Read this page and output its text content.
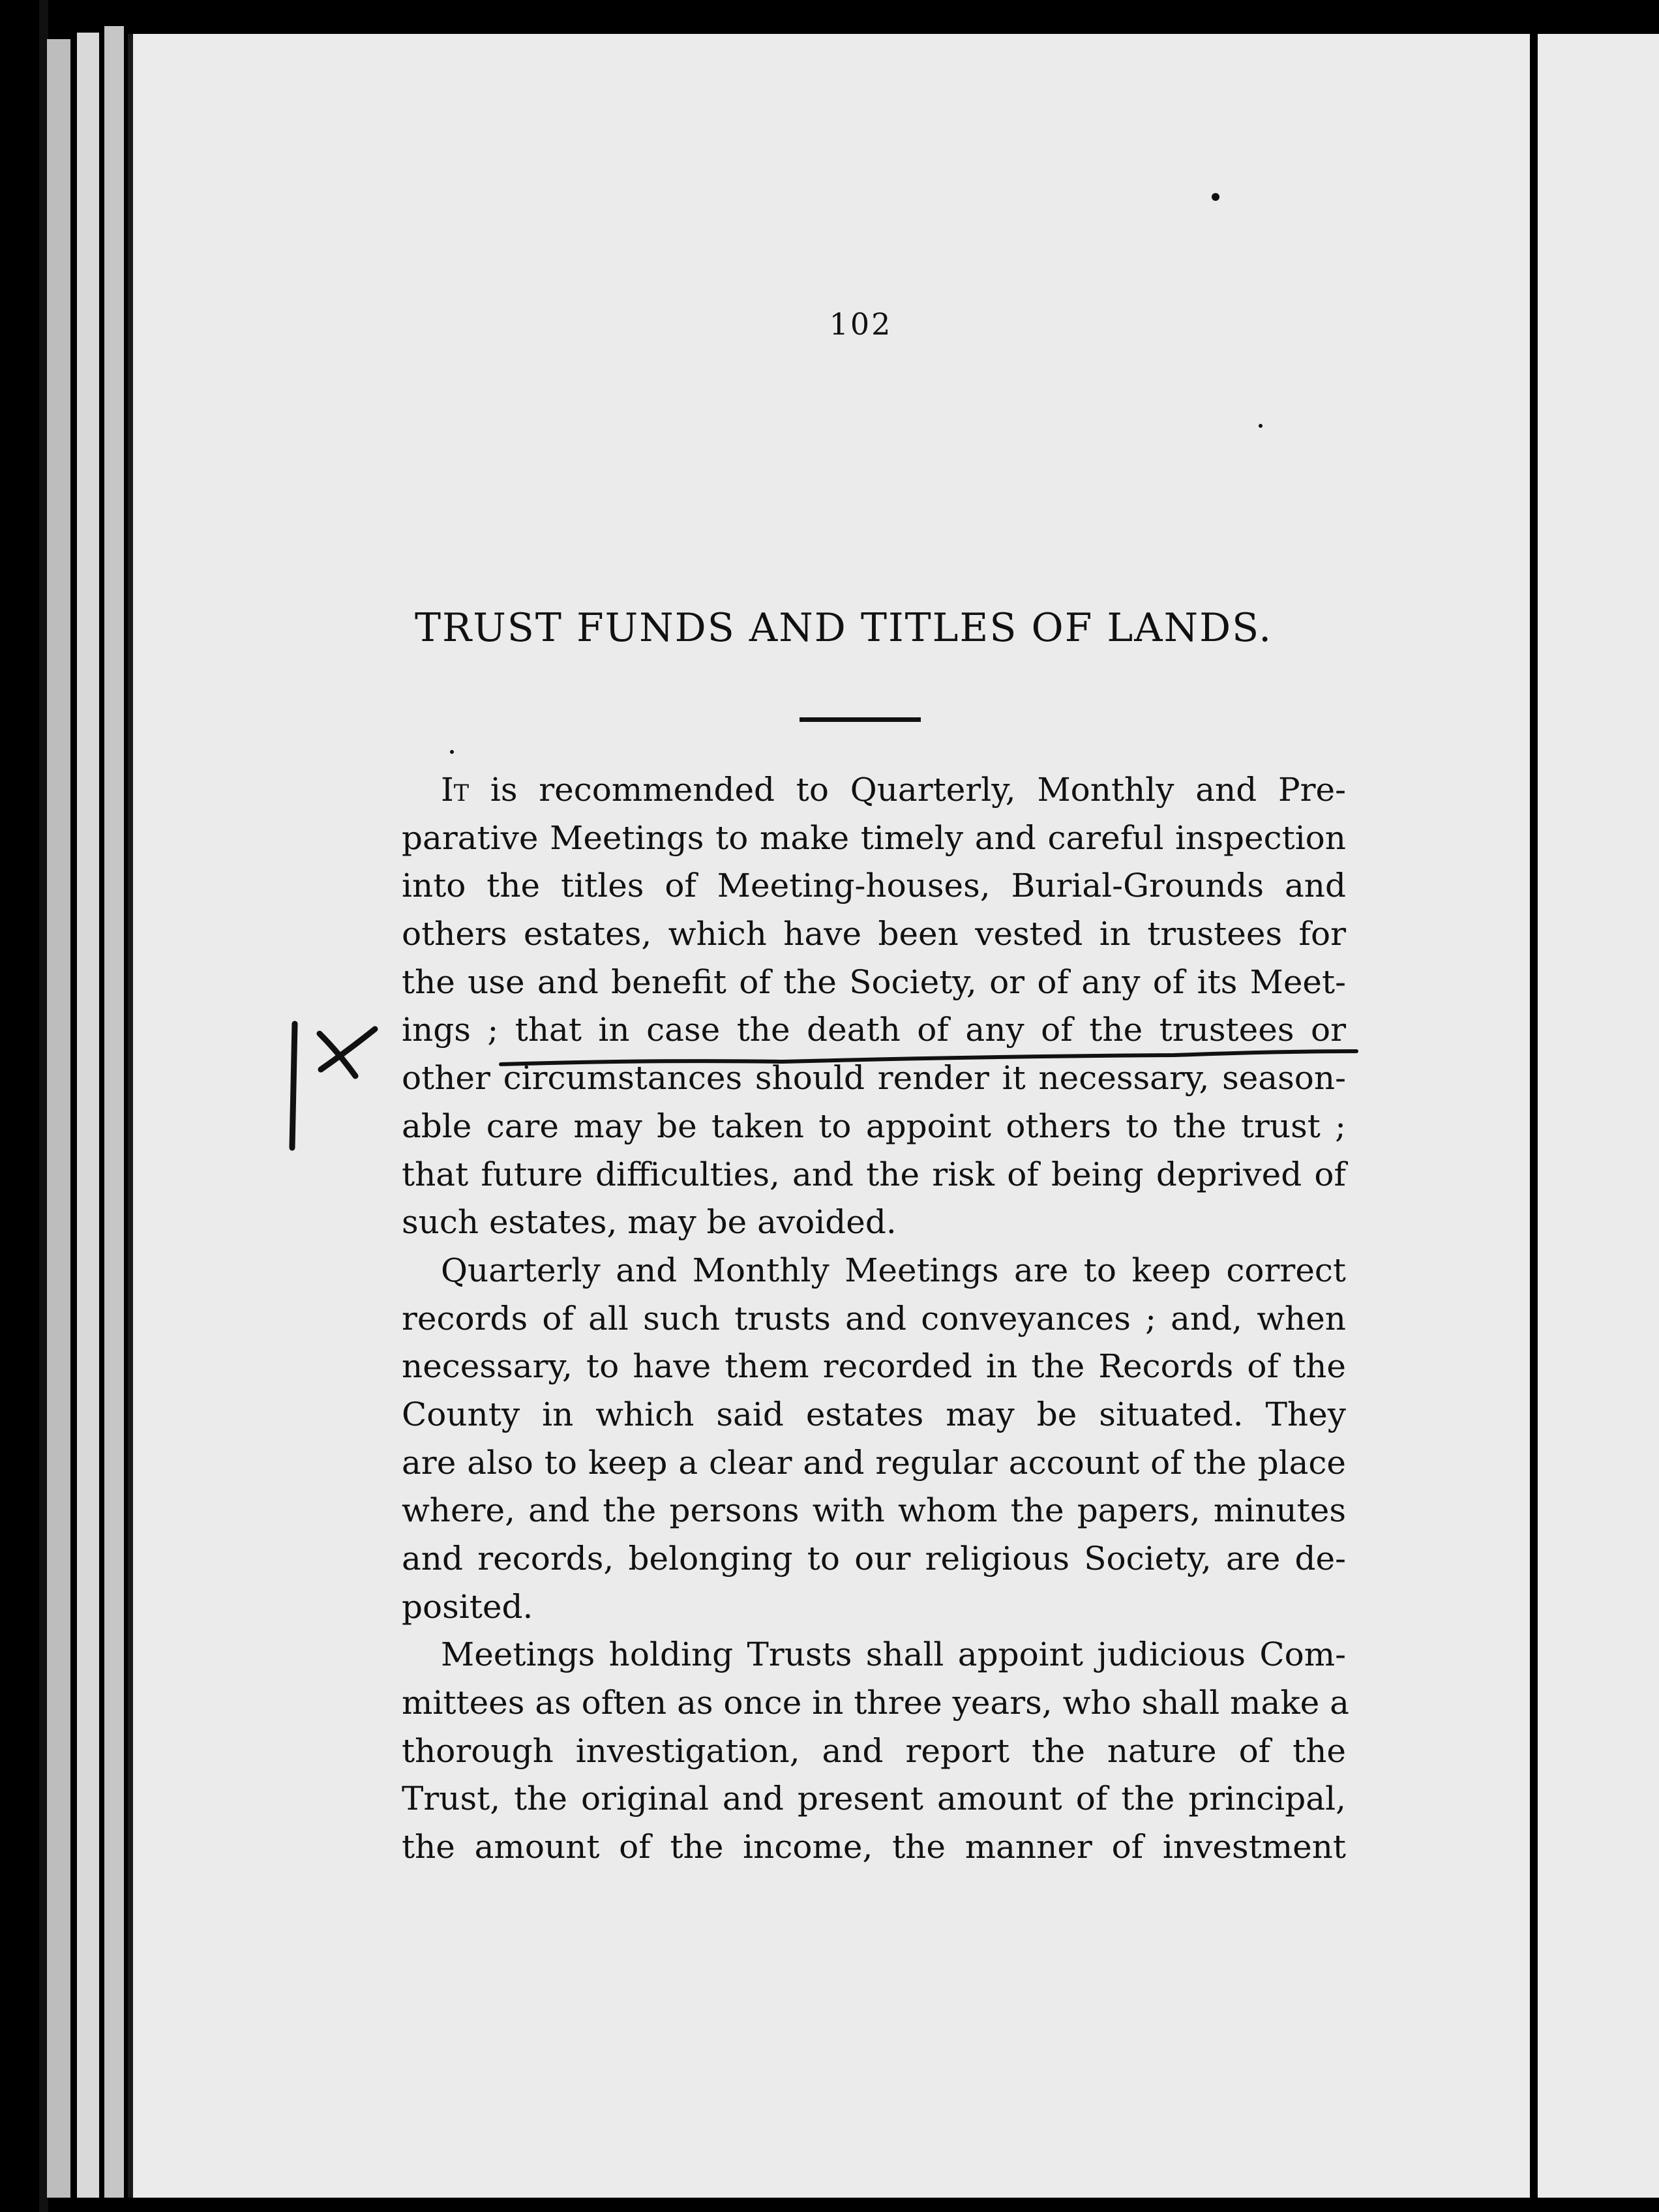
102
TRUST FUNDS AND TITLES OF LANDS.
It is recommended to Quarterly, Monthly and Pre-
parative Meetings to make timely and careful inspection
into the titles of Meeting-houses, Burial-Grounds and
others estates, which have been vested in trustees for
the use and benefit of the Society, or of any of its Meet-
ings ; that in case the death of any of the trustees or
other circumstances should render it necessary, season-
able care may be taken to appoint others to the trust ;
that future difficulties, and the risk of being deprived of
such estates, may be avoided.
Quarterly and Monthly Meetings are to keep correct
records of all such trusts and conveyances ; and, when
necessary, to have them recorded in the Records of the
County in which said estates may be situated. They
are also to keep a clear and regular account of the place
where, and the persons with whom the papers, minutes
and records, belonging to our religious Society, are de-
posited.
Meetings holding Trusts shall appoint judicious Com-
mittees as often as once in three years, who shall make a
thorough investigation, and report the nature of the
Trust, the original and present amount of the principal,
the amount of the income, the manner of investment
